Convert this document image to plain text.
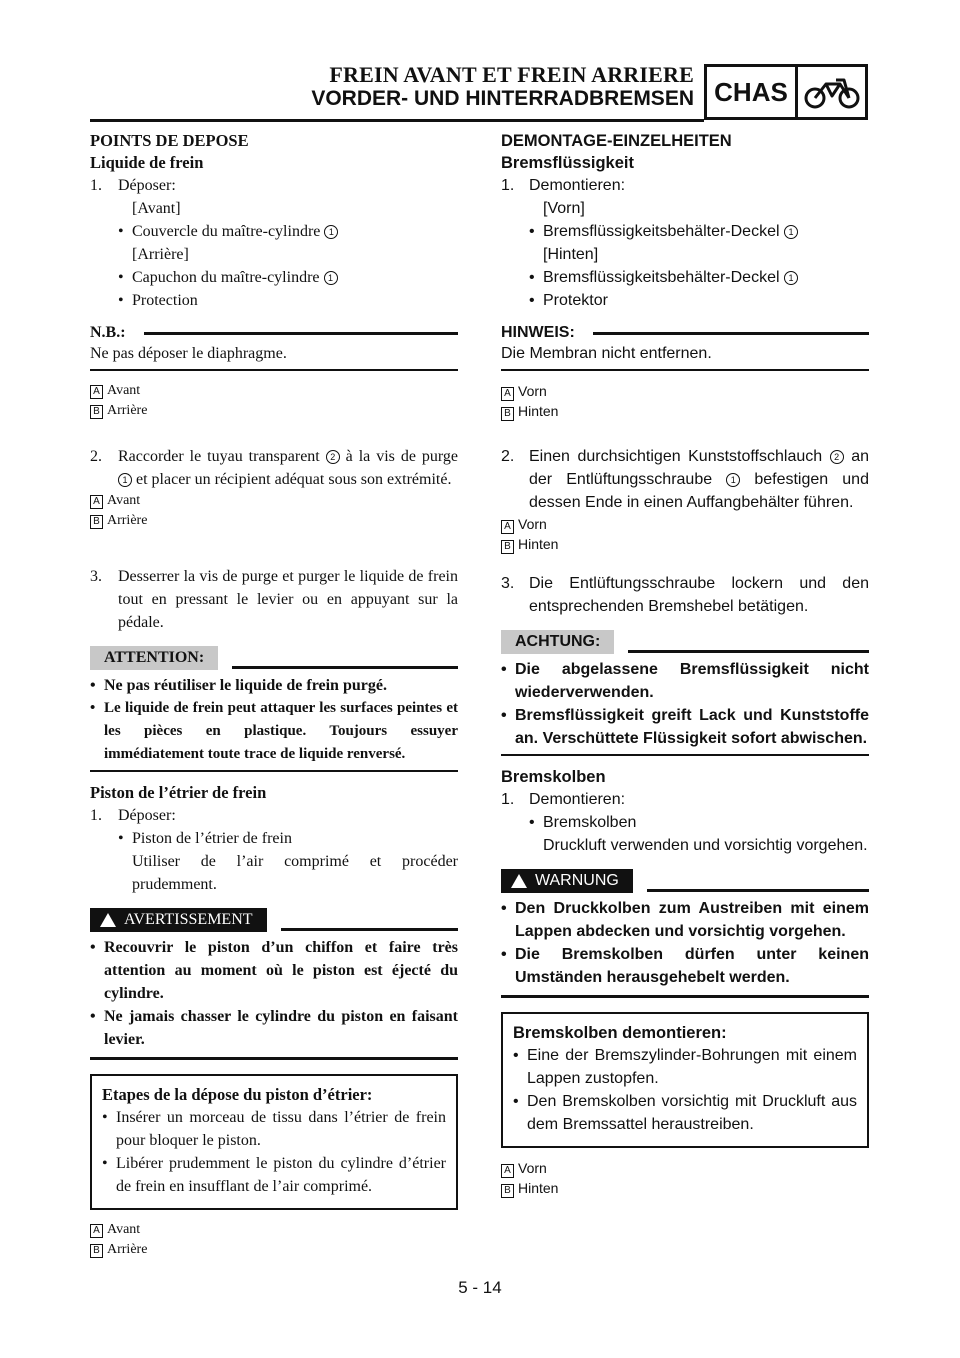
FREIN AVANT ET FREIN ARRIERE
VORDER- UND HINTERRADBREMSEN CHAS
POINTS DE DEPOSE
Liquide de frein
1. Déposer:
[Avant]
• Couvercle du maître-cylindre 1
[Arrière]
• Capuchon du maître-cylindre 1
• Protection
N.B.:
Ne pas déposer le diaphragme.
A Avant
B Arrière
2. Raccorder le tuyau transparent 2 à la vis de purge 1 et placer un récipient adéquat sous son extrémité.
A Avant
B Arrière
3. Desserrer la vis de purge et purger le liquide de frein tout en pressant le levier ou en appuyant sur la pédale.
ATTENTION:
• Ne pas réutiliser le liquide de frein purgé.
• Le liquide de frein peut attaquer les surfaces peintes et les pièces en plastique. Toujours essuyer immédiatement toute trace de liquide renversé.
Piston de l’étrier de frein
1. Déposer:
• Piston de l’étrier de frein
Utiliser de l’air comprimé et procéder prudemment.
AVERTISSEMENT
• Recouvrir le piston d’un chiffon et faire très attention au moment où le piston est éjecté du cylindre.
• Ne jamais chasser le cylindre du piston en faisant levier.
Etapes de la dépose du piston d’étrier:
• Insérer un morceau de tissu dans l’étrier de frein pour bloquer le piston.
• Libérer prudemment le piston du cylindre d’étrier de frein en insufflant de l’air comprimé.
A Avant
B Arrière
DEMONTAGE-EINZELHEITEN
Bremsflüssigkeit
1. Demontieren:
[Vorn]
• Bremsflüssigkeitsbehälter-Deckel 1
[Hinten]
• Bremsflüssigkeitsbehälter-Deckel 1
• Protektor
HINWEIS:
Die Membran nicht entfernen.
A Vorn
B Hinten
2. Einen durchsichtigen Kunststoffschlauch 2 an der Entlüftungsschraube 1 befestigen und dessen Ende in einen Auffangbehälter führen.
A Vorn
B Hinten
3. Die Entlüftungsschraube lockern und den entsprechenden Bremshebel betätigen.
ACHTUNG:
• Die abgelassene Bremsflüssigkeit nicht wiederverwenden.
• Bremsflüssigkeit greift Lack und Kunststoffe an. Verschüttete Flüssigkeit sofort abwischen.
Bremskolben
1. Demontieren:
• Bremskolben
Druckluft verwenden und vorsichtig vorgehen.
WARNUNG
• Den Druckkolben zum Austreiben mit einem Lappen abdecken und vorsichtig vorgehen.
• Die Bremskolben dürfen unter keinen Umständen herausgehebelt werden.
Bremskolben demontieren:
• Eine der Bremszylinder-Bohrungen mit einem Lappen zustopfen.
• Den Bremskolben vorsichtig mit Druckluft aus dem Bremssattel heraustreiben.
A Vorn
B Hinten
5 - 14
